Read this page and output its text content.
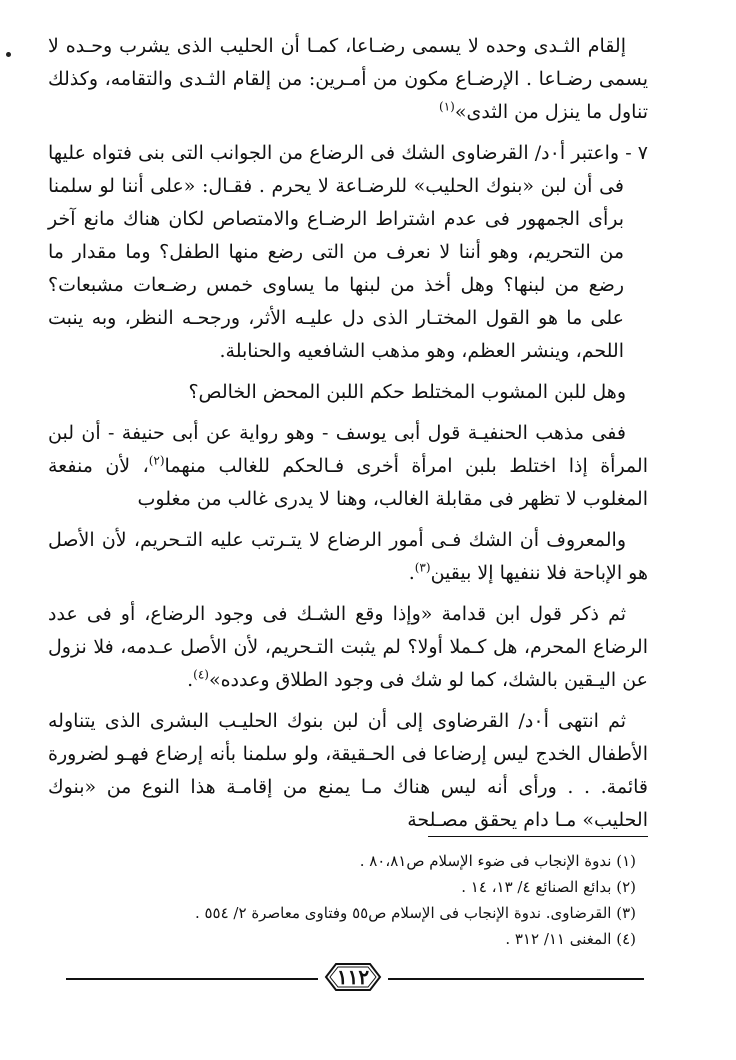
إلقام الثـدى وحده لا يسمى رضـاعا، كمـا أن الحليب الذى يشرب وحـده لا يسمى رضـاعا . الإرضـاع مكون من أمـرين: من إلقام الثـدى والتقامه، وكذلك تناول ما ينزل من الثدى»$^{(١)}$

٧ - واعتبر أ٠د/ القرضاوى الشك فى الرضاع من الجوانب التى بنى فتواه عليها فى أن لبن «بنوك الحليب» للرضـاعة لا يحرم . فقـال: «على أننا لو سلمنا برأى الجمهور فى عدم اشتراط الرضـاع والامتصاص لكان هناك مانع آخر من التحريم، وهو أننا لا نعرف من التى رضع منها الطفل؟ وما مقدار ما رضع من لبنها؟ وهل أخذ من لبنها ما يساوى خمس رضـعات مشبعات؟ على ما هو القول المختـار الذى دل عليـه الأثر، ورجحـه النظر، وبه ينبت اللحم، وينشر العظم، وهو مذهب الشافعيه والحنابلة.

وهل للبن المشوب المختلط حكم اللبن المحض الخالص؟

ففى مذهب الحنفيـة قول أبى يوسف - وهو رواية عن أبى حنيفة - أن لبن المرأة إذا اختلط بلبن امرأة أخرى فـالحكم للغالب منهما$^{(٢)}$، لأن منفعة المغلوب لا تظهر فى مقابلة الغالب، وهنا لا يدرى غالب من مغلوب

والمعروف أن الشك فـى أمور الرضاع لا يتـرتب عليه التـحريم، لأن الأصل هو الإباحة فلا ننفيها إلا بيقين$^{(٣)}$.

ثم ذكر قول ابن قدامة «وإذا وقع الشـك فى وجود الرضاع، أو فى عدد الرضاع المحرم، هل كـملا أولا؟ لم يثبت التـحريم، لأن الأصل عـدمه، فلا نزول عن اليـقين بالشك، كما لو شك فى وجود الطلاق وعدده»$^{(٤)}$.

ثم انتهى أ٠د/ القرضاوى إلى أن لبن بنوك الحليـب البشرى الذى يتناوله الأطفال الخدج ليس إرضاعا فى الحـقيقة، ولو سلمنا بأنه إرضاع فهـو لضرورة قائمة. . . ورأى أنه ليس هناك مـا يمنع من إقامـة هذا النوع من «بنوك الحليب» مـا دام يحقق مصـلحة

(١) ندوة الإنجاب فى ضوء الإسلام ص٨٠،٨١ .

(٢) بدائع الصنائع ٤/ ١٣، ١٤ .

(٣) القرضاوى. ندوة الإنجاب فى الإسلام ص٥٥ وفتاوى معاصرة ٢/ ٥٥٤ .

(٤) المغنى ١١/ ٣١٢ .

١١٢
